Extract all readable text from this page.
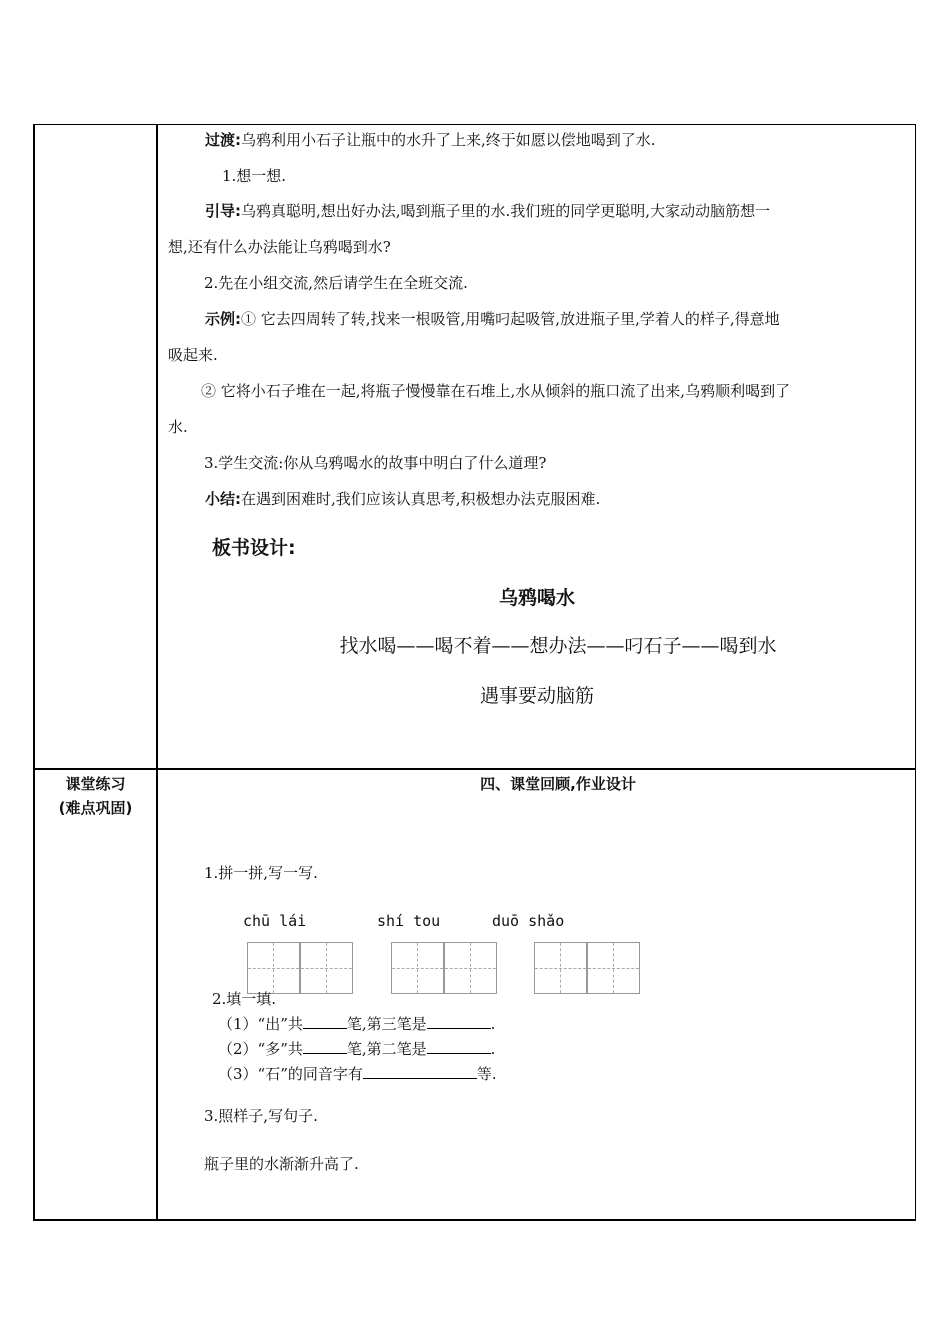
过渡:乌鸦利用小石子让瓶中的水升了上来,终于如愿以偿地喝到了水.
1.想一想.
引导:乌鸦真聪明,想出好办法,喝到瓶子里的水.我们班的同学更聪明,大家动动脑筋想一
想,还有什么办法能让乌鸦喝到水?
2.先在小组交流,然后请学生在全班交流.
示例:① 它去四周转了转,找来一根吸管,用嘴叼起吸管,放进瓶子里,学着人的样子,得意地
吸起来.
② 它将小石子堆在一起,将瓶子慢慢靠在石堆上,水从倾斜的瓶口流了出来,乌鸦顺利喝到了
水.
3.学生交流:你从乌鸦喝水的故事中明白了什么道理?
小结:在遇到困难时,我们应该认真思考,积极想办法克服困难.
板书设计:
乌鸦喝水
找水喝——喝不着——想办法——叼石子——喝到水
遇事要动脑筋
课堂练习
(难点巩固)
四、课堂回顾,作业设计
1.拼一拼,写一写.
chū lái	shí tou	duō shǎo
2.填一填.
（1）“出”共	笔,第三笔是	.
（2）“多”共	笔,第二笔是	.
（3）“石”的同音字有	等.
3.照样子,写句子.
瓶子里的水渐渐升高了.
